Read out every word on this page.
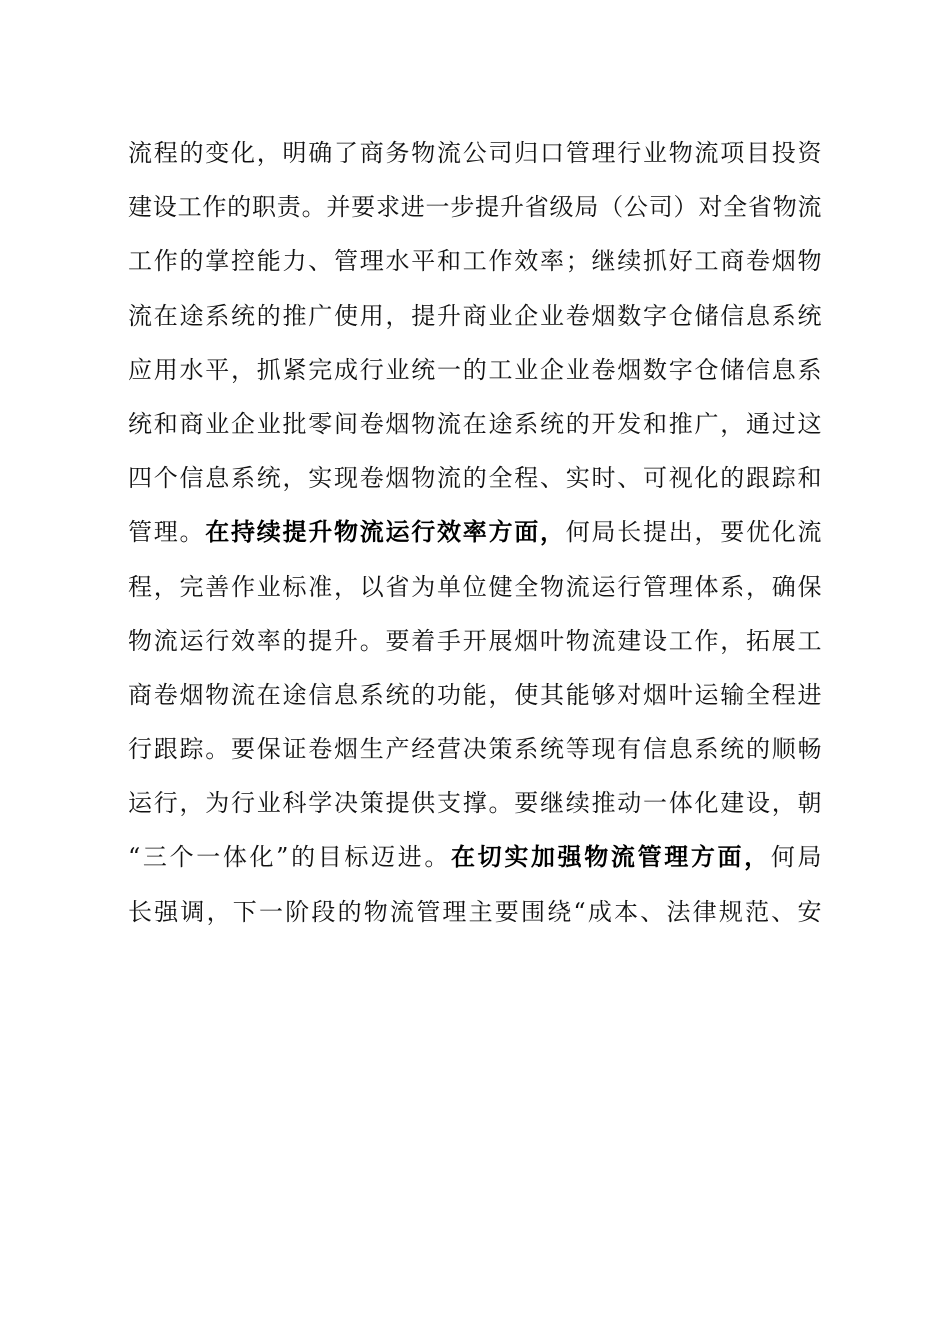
流程的变化，明确了商务物流公司归口管理行业物流项目投资
建设工作的职责。并要求进一步提升省级局（公司）对全省物流
工作的掌控能力、管理水平和工作效率；继续抓好工商卷烟物
流在途系统的推广使用，提升商业企业卷烟数字仓储信息系统
应用水平，抓紧完成行业统一的工业企业卷烟数字仓储信息系
统和商业企业批零间卷烟物流在途系统的开发和推广，通过这
四个信息系统，实现卷烟物流的全程、实时、可视化的跟踪和
管理。在持续提升物流运行效率方面，何局长提出，要优化流
程，完善作业标准，以省为单位健全物流运行管理体系，确保
物流运行效率的提升。要着手开展烟叶物流建设工作，拓展工
商卷烟物流在途信息系统的功能，使其能够对烟叶运输全程进
行跟踪。要保证卷烟生产经营决策系统等现有信息系统的顺畅
运行，为行业科学决策提供支撑。要继续推动一体化建设，朝
“三个一体化”的目标迈进。在切实加强物流管理方面，何局
长强调，下一阶段的物流管理主要围绕“成本、法律规范、安
